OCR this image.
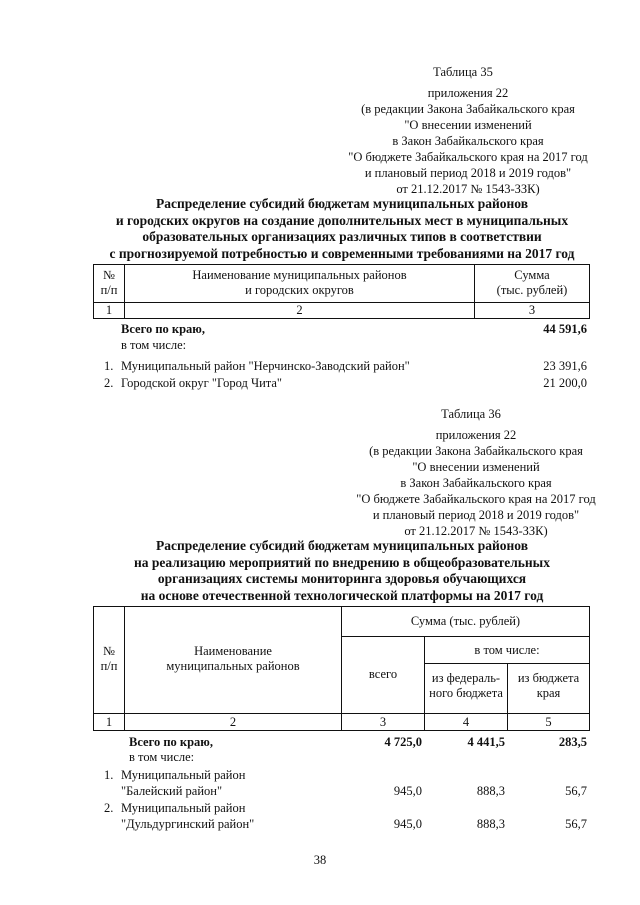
Таблица 35
приложения 22
(в редакции Закона Забайкальского края
"О внесении изменений
в Закон Забайкальского края
"О бюджете Забайкальского края на 2017 год
и плановый период 2018 и 2019 годов"
от 21.12.2017 № 1543-ЗЗК)
Распределение субсидий бюджетам муниципальных районов
и городских округов на создание дополнительных мест в муниципальных
образовательных организациях различных типов в соответствии
с прогнозируемой потребностью и современными требованиями на 2017 год
№
п/п
Наименование муниципальных районов
и городских округов
Сумма
(тыс. рублей)
1	2	3
Всего по краю,	44 591,6
в том числе:
1. Муниципальный район "Нерчинско-Заводский район"	23 391,6
2. Городской округ "Город Чита"	21 200,0
Таблица 36
приложения 22
(в редакции Закона Забайкальского края
"О внесении изменений
в Закон Забайкальского края
"О бюджете Забайкальского края на 2017 год
и плановый период 2018 и 2019 годов"
от 21.12.2017 № 1543-ЗЗК)
Распределение субсидий бюджетам муниципальных районов
на реализацию мероприятий по внедрению в общеобразовательных
организациях системы мониторинга здоровья обучающихся
на основе отечественной технологической платформы на 2017 год
№
п/п
Наименование
муниципальных районов
Сумма (тыс. рублей)
всего
в том числе:
из федераль-
ного бюджета
из бюджета
края
1	2	3	4	5
Всего по краю,	4 725,0	4 441,5	283,5
в том числе:
1. Муниципальный район
"Балейский район"	945,0	888,3	56,7
2. Муниципальный район
"Дульдургинский район"	945,0	888,3	56,7
38
